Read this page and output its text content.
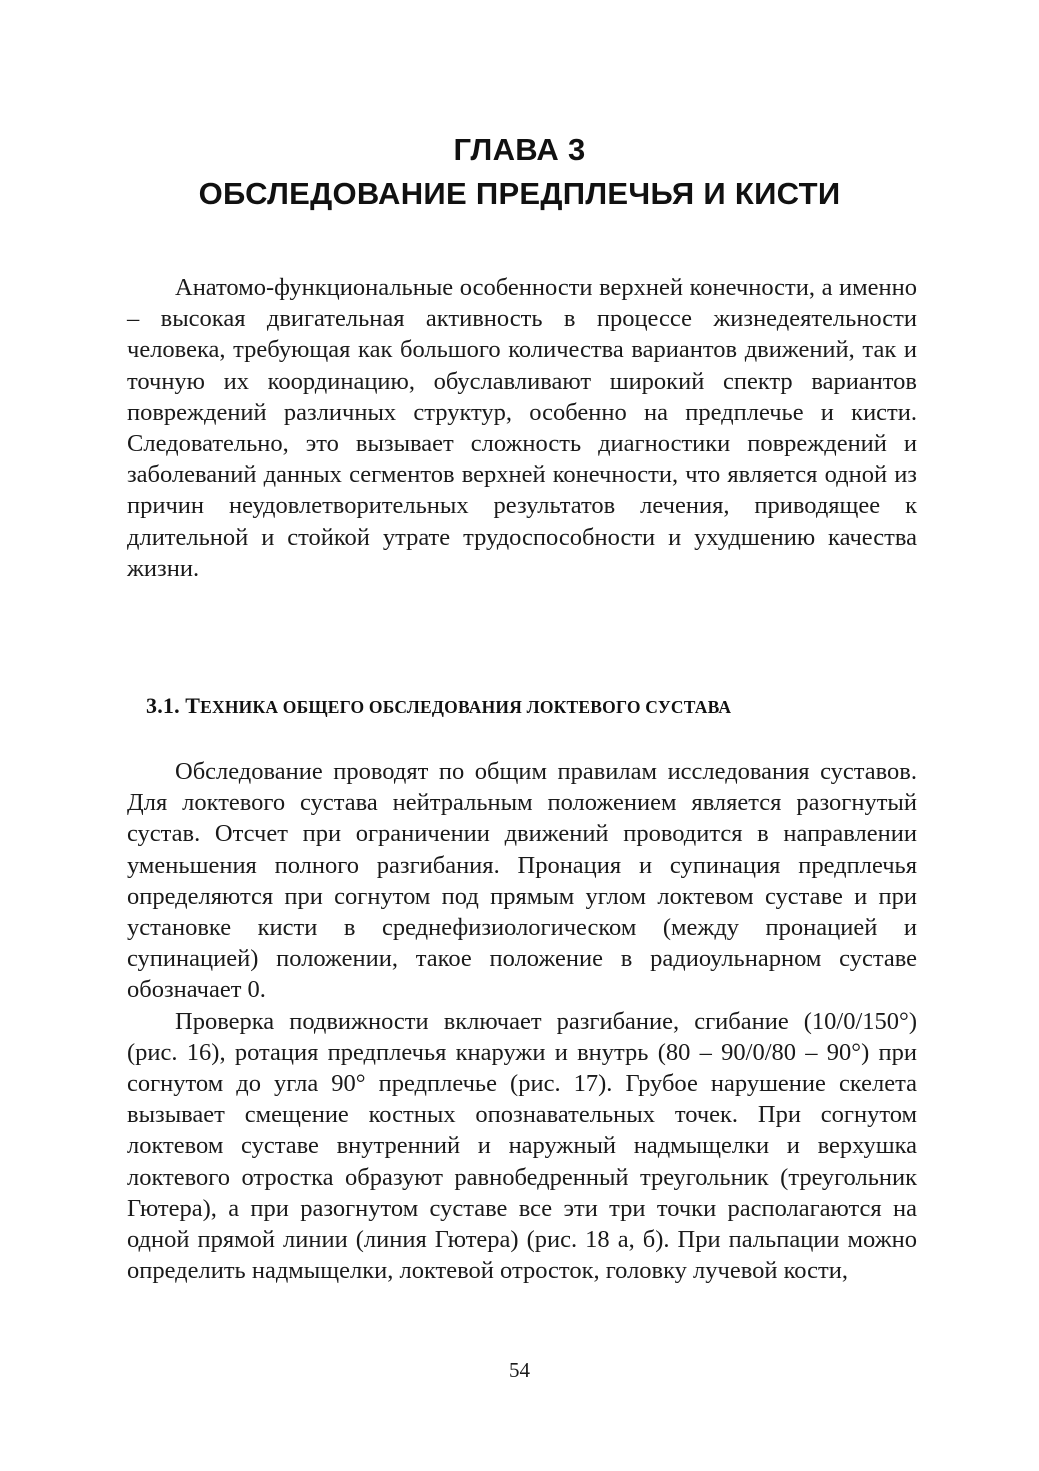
ГЛАВА 3
ОБСЛЕДОВАНИЕ ПРЕДПЛЕЧЬЯ И КИСТИ

Анатомо-функциональные особенности верхней конечности, а именно – высокая двигательная активность в процессе жизнедеятельности человека, требующая как большого количества вариантов движений, так и точную их координацию, обуславливают широкий спектр вариантов повреждений различных структур, особенно на предплечье и кисти. Следовательно, это вызывает сложность диагностики повреждений и заболеваний данных сегментов верхней конечности, что является одной из причин неудовлетворительных результатов лечения, приводящее к длительной и стойкой утрате трудоспособности и ухудшению качества жизни.

3.1. ТЕХНИКА ОБЩЕГО ОБСЛЕДОВАНИЯ ЛОКТЕВОГО СУСТАВА

Обследование проводят по общим правилам исследования суставов. Для локтевого сустава нейтральным положением является разогнутый сустав. Отсчет при ограничении движений проводится в направлении уменьшения полного разгибания. Пронация и супинация предплечья определяются при согнутом под прямым углом локтевом суставе и при установке кисти в среднефизиологическом (между пронацией и супинацией) положении, такое положение в радиоульнарном суставе обозначает 0.

Проверка подвижности включает разгибание, сгибание (10/0/150°) (рис. 16), ротация предплечья кнаружи и внутрь (80 – 90/0/80 – 90°) при согнутом до угла 90° предплечье (рис. 17). Грубое нарушение скелета вызывает смещение костных опознавательных точек. При согнутом локтевом суставе внутренний и наружный надмыщелки и верхушка локтевого отростка образуют равнобедренный треугольник (треугольник Гютера), а при разогнутом суставе все эти три точки располагаются на одной прямой линии (линия Гютера) (рис. 18 а, б). При пальпации можно определить надмыщелки, локтевой отросток, головку лучевой кости,

54
